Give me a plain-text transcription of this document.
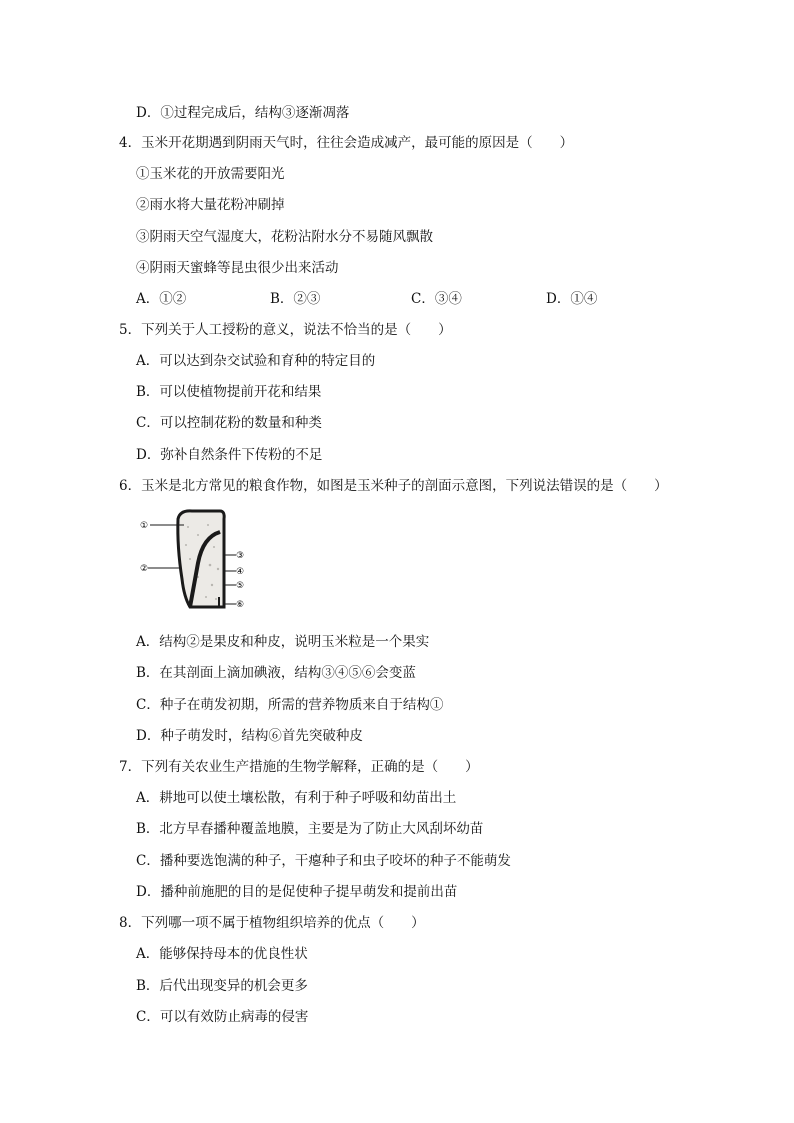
D．①过程完成后，结构③逐渐凋落
4．玉米开花期遇到阴雨天气时，往往会造成减产，最可能的原因是（　　）
①玉米花的开放需要阳光
②雨水将大量花粉冲刷掉
③阴雨天空气湿度大，花粉沾附水分不易随风飘散
④阴雨天蜜蜂等昆虫很少出来活动
A．①②	B．②③	C．③④	D．①④
5．下列关于人工授粉的意义，说法不恰当的是（　　）
A．可以达到杂交试验和育种的特定目的
B．可以使植物提前开花和结果
C．可以控制花粉的数量和种类
D．弥补自然条件下传粉的不足
6．玉米是北方常见的粮食作物，如图是玉米种子的剖面示意图，下列说法错误的是（　　）
①
②
③
④
⑤
⑥
A．结构②是果皮和种皮，说明玉米粒是一个果实
B．在其剖面上滴加碘液，结构③④⑤⑥会变蓝
C．种子在萌发初期，所需的营养物质来自于结构①
D．种子萌发时，结构⑥首先突破种皮
7．下列有关农业生产措施的生物学解释，正确的是（　　）
A．耕地可以使土壤松散，有利于种子呼吸和幼苗出土
B．北方早春播种覆盖地膜，主要是为了防止大风刮坏幼苗
C．播种要选饱满的种子，干瘪种子和虫子咬坏的种子不能萌发
D．播种前施肥的目的是促使种子提早萌发和提前出苗
8．下列哪一项不属于植物组织培养的优点（　　）
A．能够保持母本的优良性状
B．后代出现变异的机会更多
C．可以有效防止病毒的侵害
